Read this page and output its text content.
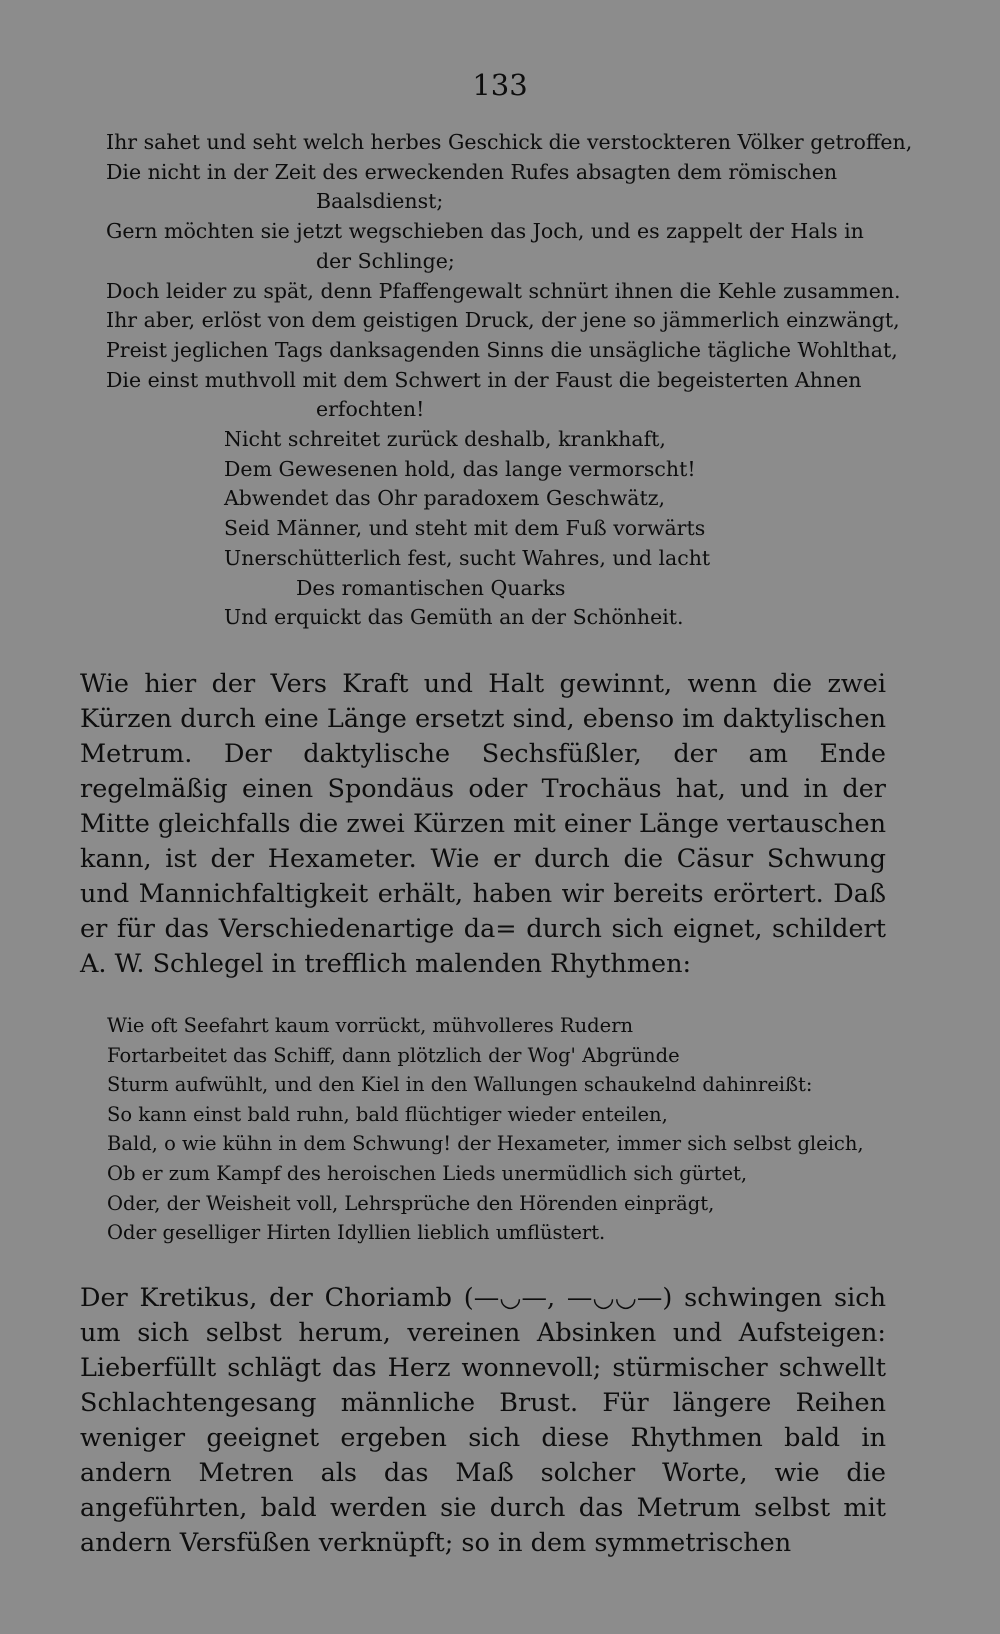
133
Ihr sahet und seht welch herbes Geschick die verstockteren Völker getroffen,
Die nicht in der Zeit des erweckenden Rufes absagten dem römischen
Baalsdienst;
Gern möchten sie jetzt wegschieben das Joch, und es zappelt der Hals in
der Schlinge;
Doch leider zu spät, denn Pfaffengewalt schnürt ihnen die Kehle zusammen.
Ihr aber, erlöst von dem geistigen Druck, der jene so jämmerlich einzwängt,
Preist jeglichen Tags danksagenden Sinns die unsägliche tägliche Wohlthat,
Die einst muthvoll mit dem Schwert in der Faust die begeisterten Ahnen
erfochten!
Nicht schreitet zurück deshalb, krankhaft,
Dem Gewesenen hold, das lange vermorscht!
Abwendet das Ohr paradoxem Geschwätz,
Seid Männer, und steht mit dem Fuß vorwärts
Unerschütterlich fest, sucht Wahres, und lacht
Des romantischen Quarks
Und erquickt das Gemüth an der Schönheit.

Wie hier der Vers Kraft und Halt gewinnt, wenn die zwei Kürzen durch eine Länge ersetzt sind, ebenso im daktylischen Metrum. Der daktylische Sechsfüßler, der am Ende regelmäßig einen Spondäus oder Trochäus hat, und in der Mitte gleichfalls die zwei Kürzen mit einer Länge vertauschen kann, ist der Hexameter. Wie er durch die Cäsur Schwung und Mannichfaltigkeit erhält, haben wir bereits erörtert. Daß er für das Verschiedenartige da= durch sich eignet, schildert A. W. Schlegel in trefflich malenden Rhythmen:

Wie oft Seefahrt kaum vorrückt, mühvolleres Rudern
Fortarbeitet das Schiff, dann plötzlich der Wog' Abgründe
Sturm aufwühlt, und den Kiel in den Wallungen schaukelnd dahinreißt:
So kann einst bald ruhn, bald flüchtiger wieder enteilen,
Bald, o wie kühn in dem Schwung! der Hexameter, immer sich selbst gleich,
Ob er zum Kampf des heroischen Lieds unermüdlich sich gürtet,
Oder, der Weisheit voll, Lehrsprüche den Hörenden einprägt,
Oder geselliger Hirten Idyllien lieblich umflüstert.

Der Kretikus, der Choriamb (—◡—, —◡◡—) schwingen sich um sich selbst herum, vereinen Absinken und Aufsteigen: Lieberfüllt schlägt das Herz wonnevoll; stürmischer schwellt Schlachtengesang männliche Brust. Für längere Reihen weniger geeignet ergeben sich diese Rhythmen bald in andern Metren als das Maß solcher Worte, wie die angeführten, bald werden sie durch das Metrum selbst mit andern Versfüßen verknüpft; so in dem symmetrischen
